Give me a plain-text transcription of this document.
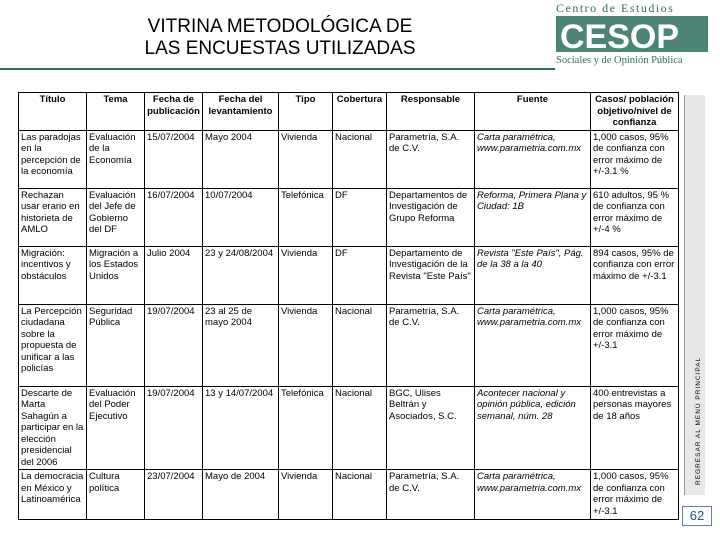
VITRINA METODOLÓGICA DE
LAS ENCUESTAS UTILIZADAS
Centro de Estudios
CESOP
Sociales y de Opinión Pública
Título	Tema	Fecha de publicación	Fecha del levantamiento	Tipo	Cobertura	Responsable	Fuente	Casos/ población objetivo/nivel de confianza
Las paradojas en la percepción de la economía	Evaluación de la Economía	15/07/2004	Mayo 2004	Vivienda	Nacional	Parametría, S.A. de C.V.	Carta paramétrica, www.parametria.com.mx	1,000 casos, 95% de confianza con error máximo de +/-3.1 %
Rechazan usar erario en historieta de AMLO	Evaluación del Jefe de Gobierno del DF	16/07/2004	10/07/2004	Telefónica	DF	Departamentos de Investigación de Grupo Reforma	Reforma, Primera Plana y Ciudad: 1B	610 adultos, 95 % de confianza con error máximo de +/-4 %
Migración: incentivos y obstáculos	Migración a los Estados Unidos	Julio 2004	23 y 24/08/2004	Vivienda	DF	Departamento de Investigación de la Revista "Este País"	Revista "Este País", Pág. de la 38 a la 40	894 casos, 95% de confianza con error máximo de +/-3.1
La Percepción ciudadana sobre la propuesta de unificar a las policías	Seguridad Pública	19/07/2004	23 al 25 de mayo 2004	Vivienda	Nacional	Parametría, S.A. de C.V.	Carta paramétrica, www.parametria.com.mx	1,000 casos, 95% de confianza con error máximo de +/-3.1
Descarte de Marta Sahagún a participar en la elección presidencial del 2006	Evaluación del Poder Ejecutivo	19/07/2004	13 y 14/07/2004	Telefónica	Nacional	BGC, Ulises Beltrán y Asociados, S.C.	Acontecer nacional y opinión pública, edición semanal, núm. 28	400 entrevistas a personas mayores de 18 años
La democracia en México y Latinoamérica	Cultura política	23/07/2004	Mayo de 2004	Vivienda	Nacional	Parametría, S.A. de C.V.	Carta paramétrica, www.parametria.com.mx	1,000 casos, 95% de confianza con error máximo de +/-3.1
REGRESAR AL MENÚ PRINCIPAL
62
